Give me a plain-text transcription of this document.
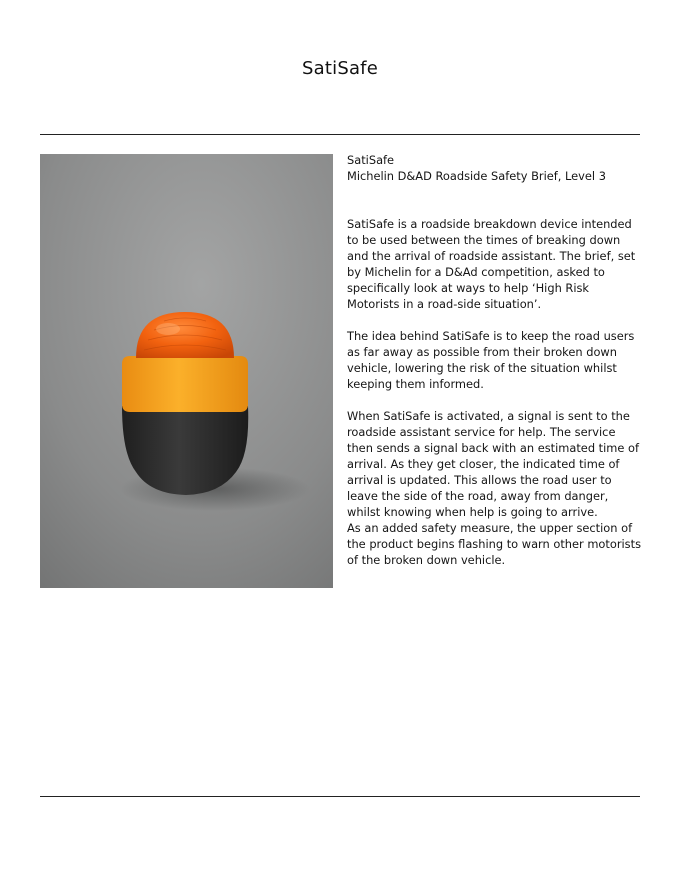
SatiSafe

SatiSafe

Michelin D&AD Roadside Safety Brief, Level 3

SatiSafe is a roadside breakdown device intended to be used between the times of breaking down and the arrival of roadside assistant. The brief, set by Michelin for a D&Ad competition, asked to specifically look at ways to help ‘High Risk Motorists in a road-side situation’.

The idea behind SatiSafe is to keep the road users as far away as possible from their broken down vehicle, lowering the risk of the situation whilst keeping them informed.

When SatiSafe is activated, a signal is sent to the roadside assistant service for help. The service then sends a signal back with an estimated time of arrival. As they get closer, the indicated time of arrival is updated. This allows the road user to leave the side of the road, away from danger, whilst knowing when help is going to arrive.

As an added safety measure, the upper section of the product begins flashing to warn other motorists of the broken down vehicle.
